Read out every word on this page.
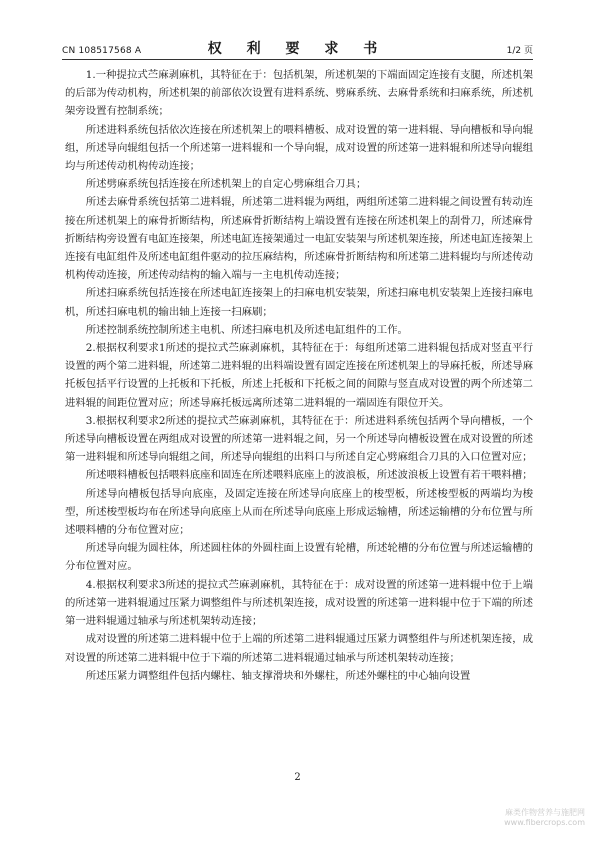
CN 108517568 A	权 利 要 求 书	1/2 页

1.一种提拉式苎麻剥麻机，其特征在于：包括机架，所述机架的下端面固定连接有支腿，所述机架的后部为传动机构，所述机架的前部依次设置有进料系统、劈麻系统、去麻骨系统和扫麻系统，所述机架旁设置有控制系统；

所述进料系统包括依次连接在所述机架上的喂料槽板、成对设置的第一进料辊、导向槽板和导向辊组，所述导向辊组包括一个所述第一进料辊和一个导向辊，成对设置的所述第一进料辊和所述导向辊组均与所述传动机构传动连接；

所述劈麻系统包括连接在所述机架上的自定心劈麻组合刀具；

所述去麻骨系统包括第二进料辊，所述第二进料辊为两组，两组所述第二进料辊之间设置有转动连接在所述机架上的麻骨折断结构，所述麻骨折断结构上端设置有连接在所述机架上的刮骨刀，所述麻骨折断结构旁设置有电缸连接架，所述电缸连接架通过一电缸安装架与所述机架连接，所述电缸连接架上连接有电缸组件及所述电缸组件驱动的拉压麻结构，所述麻骨折断结构和所述第二进料辊均与所述传动机构传动连接，所述传动结构的输入端与一主电机传动连接；

所述扫麻系统包括连接在所述电缸连接架上的扫麻电机安装架，所述扫麻电机安装架上连接扫麻电机，所述扫麻电机的输出轴上连接一扫麻刷；

所述控制系统控制所述主电机、所述扫麻电机及所述电缸组件的工作。

2.根据权利要求1所述的提拉式苎麻剥麻机，其特征在于：每组所述第二进料辊包括成对竖直平行设置的两个第二进料辊，所述第二进料辊的出料端设置有固定连接在所述机架上的导麻托板，所述导麻托板包括平行设置的上托板和下托板，所述上托板和下托板之间的间隙与竖直成对设置的两个所述第二进料辊的间距位置对应；所述导麻托板远离所述第二进料辊的一端固连有限位开关。

3.根据权利要求2所述的提拉式苎麻剥麻机，其特征在于：所述进料系统包括两个导向槽板，一个所述导向槽板设置在两组成对设置的所述第一进料辊之间，另一个所述导向槽板设置在成对设置的所述第一进料辊和所述导向辊组之间，所述导向辊组的出料口与所述自定心劈麻组合刀具的入口位置对应；

所述喂料槽板包括喂料底座和固连在所述喂料底座上的波浪板，所述波浪板上设置有若干喂料槽；

所述导向槽板包括导向底座，及固定连接在所述导向底座上的梭型板，所述梭型板的两端均为梭型，所述梭型板均布在所述导向底座上从而在所述导向底座上形成运输槽，所述运输槽的分布位置与所述喂料槽的分布位置对应；

所述导向辊为圆柱体，所述圆柱体的外圆柱面上设置有轮槽，所述轮槽的分布位置与所述运输槽的分布位置对应。

4.根据权利要求3所述的提拉式苎麻剥麻机，其特征在于：成对设置的所述第一进料辊中位于上端的所述第一进料辊通过压紧力调整组件与所述机架连接，成对设置的所述第一进料辊中位于下端的所述第一进料辊通过轴承与所述机架转动连接；

成对设置的所述第二进料辊中位于上端的所述第二进料辊通过压紧力调整组件与所述机架连接，成对设置的所述第二进料辊中位于下端的所述第二进料辊通过轴承与所述机架转动连接；

所述压紧力调整组件包括内螺柱、轴支撑滑块和外螺柱，所述外螺柱的中心轴向设置

2
麻类作物营养与施肥网
www.fibercrops.com
